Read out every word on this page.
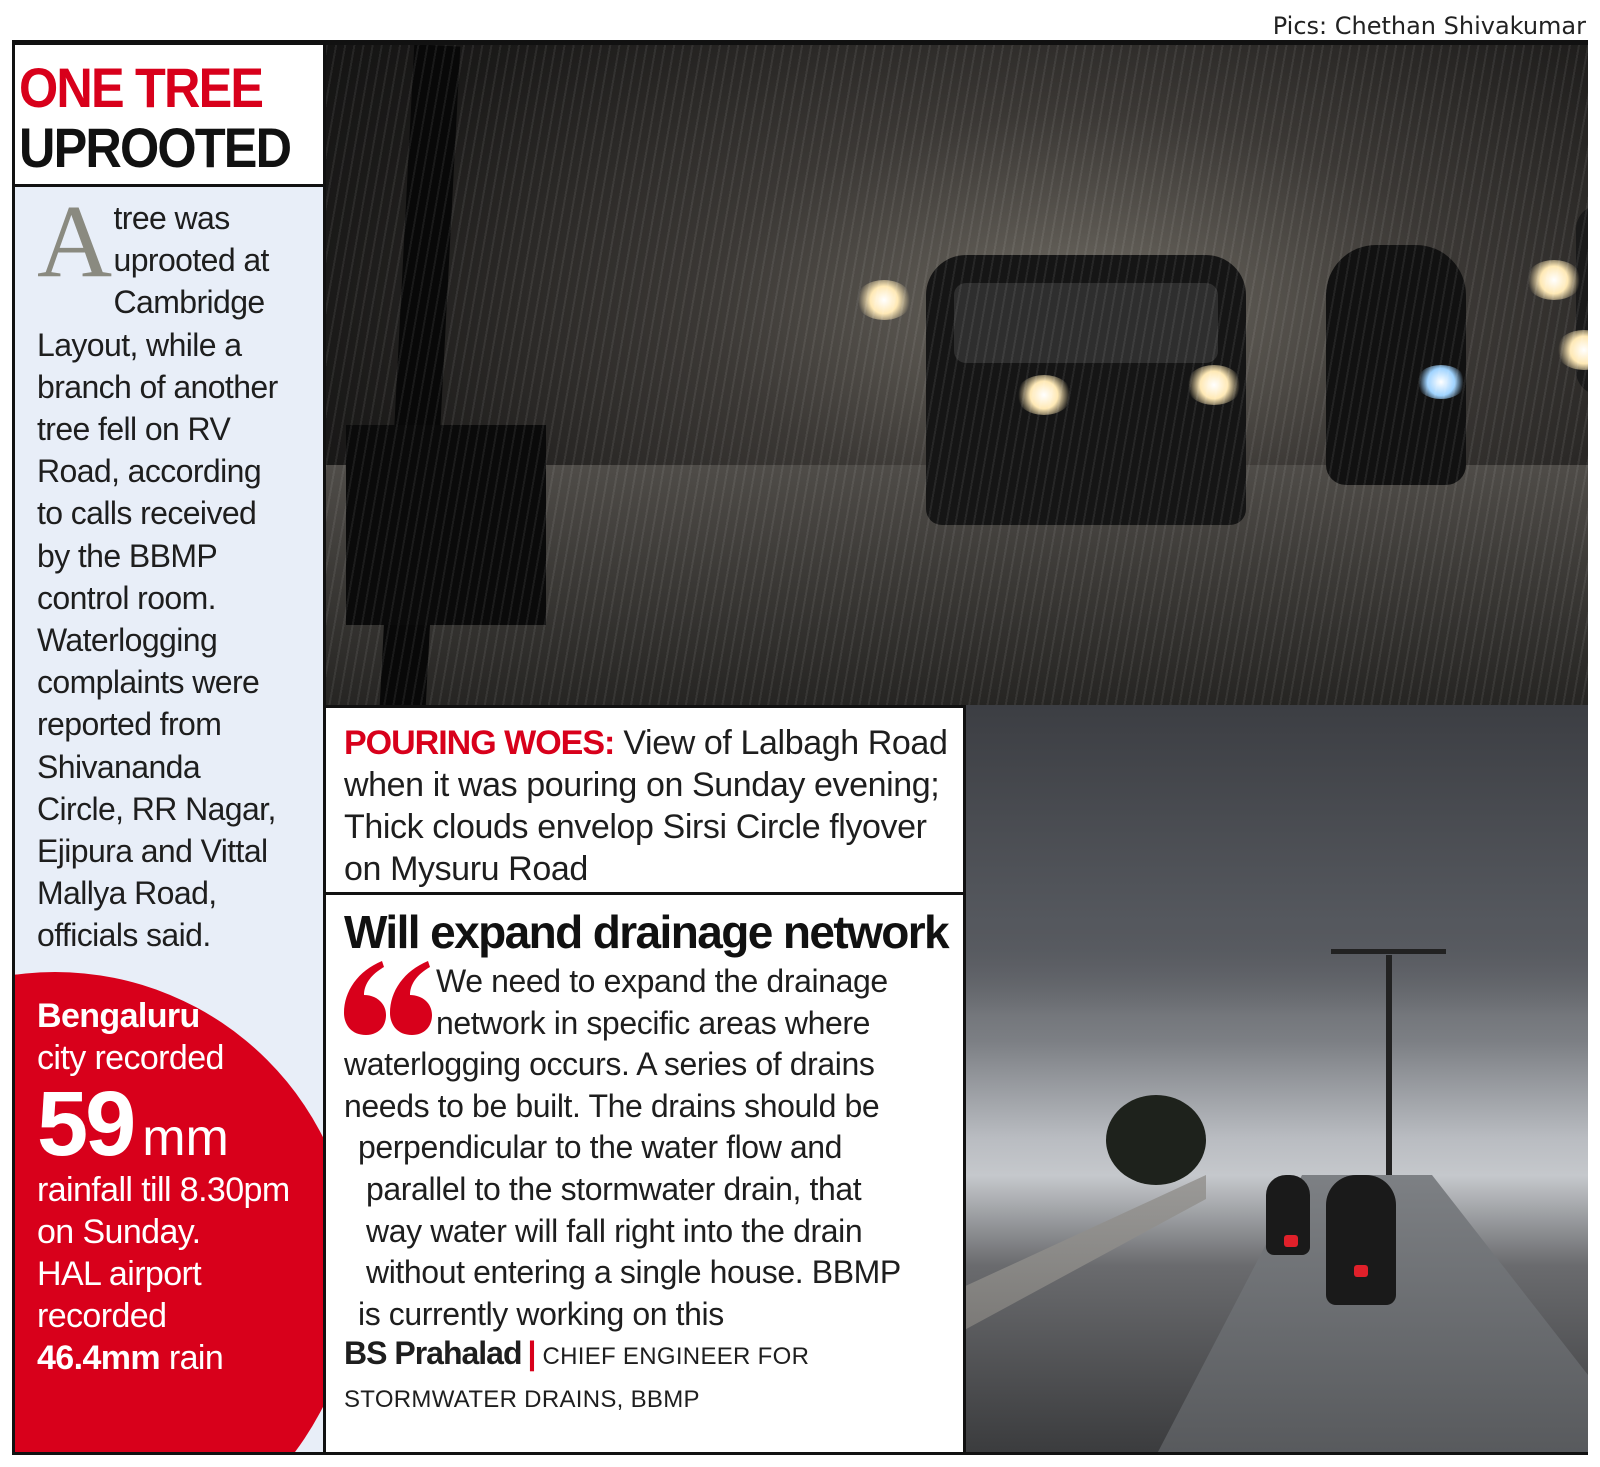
Pics: Chethan Shivakumar
ONE TREE
UPROOTED
A tree was
uprooted at
Cambridge
Layout, while a
branch of another
tree fell on RV
Road, according
to calls received
by the BBMP
control room.
Waterlogging
complaints were
reported from
Shivananda
Circle, RR Nagar,
Ejipura and Vittal
Mallya Road,
officials said.
Bengaluru
city recorded
59 mm
rainfall till 8.30pm
on Sunday.
HAL airport
recorded
46.4mm rain
POURING WOES: View of Lalbagh Road when it was pouring on Sunday evening; Thick clouds envelop Sirsi Circle flyover on Mysuru Road
Will expand drainage network
We need to expand the drainage
network in specific areas where
waterlogging occurs. A series of drains
needs to be built. The drains should be
perpendicular to the water flow and
parallel to the stormwater drain, that
way water will fall right into the drain
without entering a single house. BBMP
is currently working on this
BS Prahalad | CHIEF ENGINEER FOR
STORMWATER DRAINS, BBMP
